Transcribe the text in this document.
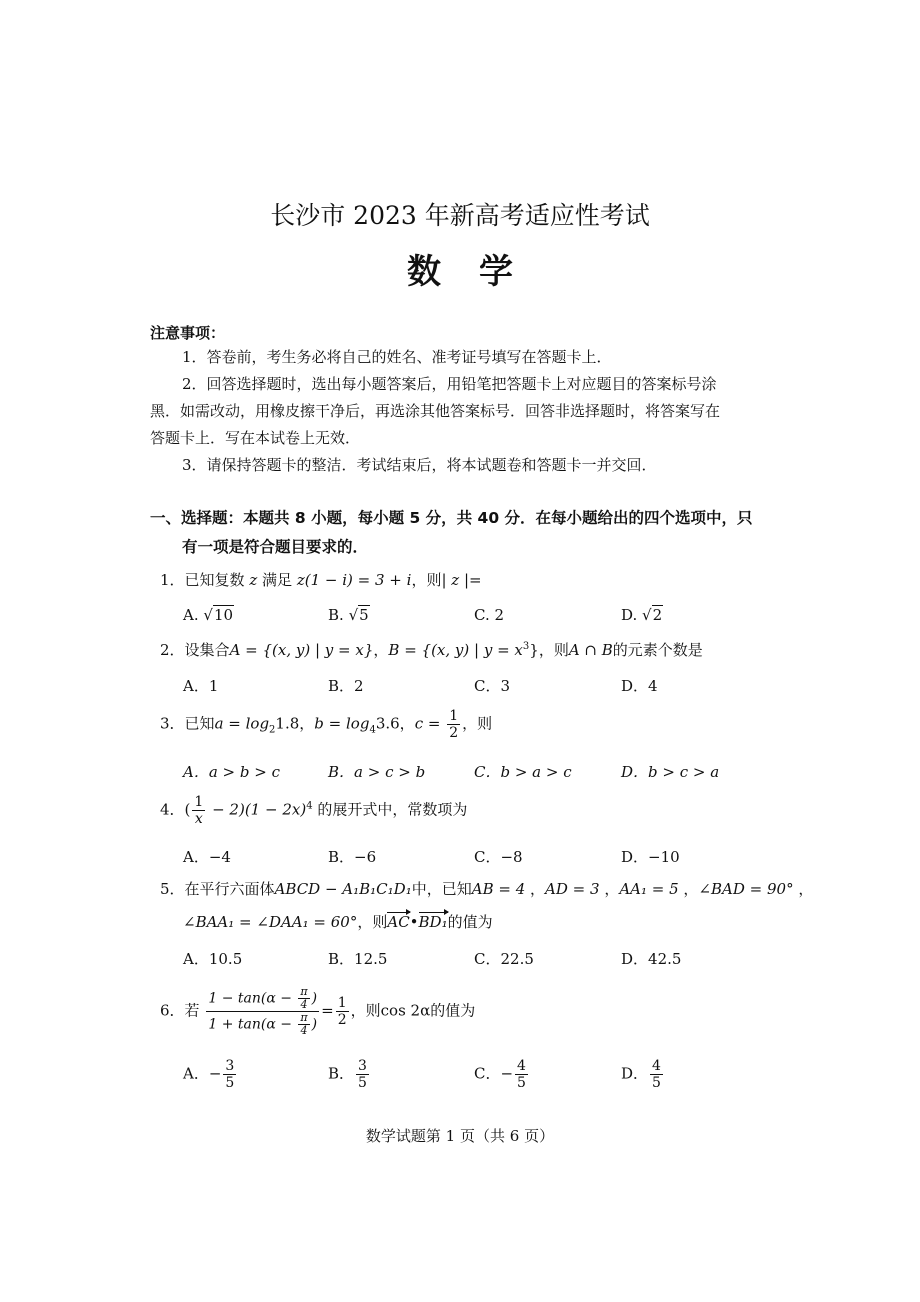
长沙市 2023 年新高考适应性考试
数学
注意事项：
1．答卷前，考生务必将自己的姓名、准考证号填写在答题卡上．
2．回答选择题时，选出每小题答案后，用铅笔把答题卡上对应题目的答案标号涂
黑．如需改动，用橡皮擦干净后，再选涂其他答案标号．回答非选择题时，将答案写在
答题卡上．写在本试卷上无效．
3．请保持答题卡的整洁．考试结束后，将本试题卷和答题卡一并交回．
一、选择题：本题共 8 小题，每小题 5 分，共 40 分．在每小题给出的四个选项中，只
有一项是符合题目要求的．
1．已知复数 z 满足 z(1 − i) = 3 + i，则| z |=
A. √10	B. √5	C. 2	D. √2
2．设集合A = {(x, y) | y = x}，B = {(x, y) | $y = x^3$}，则A ∩ B的元素个数是
A．1	B．2	C．3	D．4
3．已知$a = \log_21.8$，$b = \log_43.6$，$c = \frac{1}{2}$ ，则
A．a > b > c	B．a > c > b	C．b > a > c	D．b > c > a
4．( $\frac{1}{x} - 2)(1 - 2x)^4$ 的展开式中，常数项为
A．−4	B．−6	C．−8	D．−10
5．在平行六面体ABCD − A₁B₁C₁D₁中，已知AB = 4 ，AD = 3 ，AA₁ = 5 ，∠BAD = 90° ，
∠BAA₁ = ∠DAA₁ = 60°，则AC•BD₁的值为
A．10.5	B．12.5	C．22.5	D．42.5
6．若 $\frac{1 - \tan(\alpha - \frac{\pi}{4} )}{1 + \tan(\alpha - \frac{\pi}{4} )} = \frac{1}{2}$ ，则cos 2α的值为
A．− $\frac{3}{5}$	B． $\frac{3}{5}$	C．− $\frac{4}{5}$	D． $\frac{4}{5}$
数学试题第 1 页（共 6 页）
